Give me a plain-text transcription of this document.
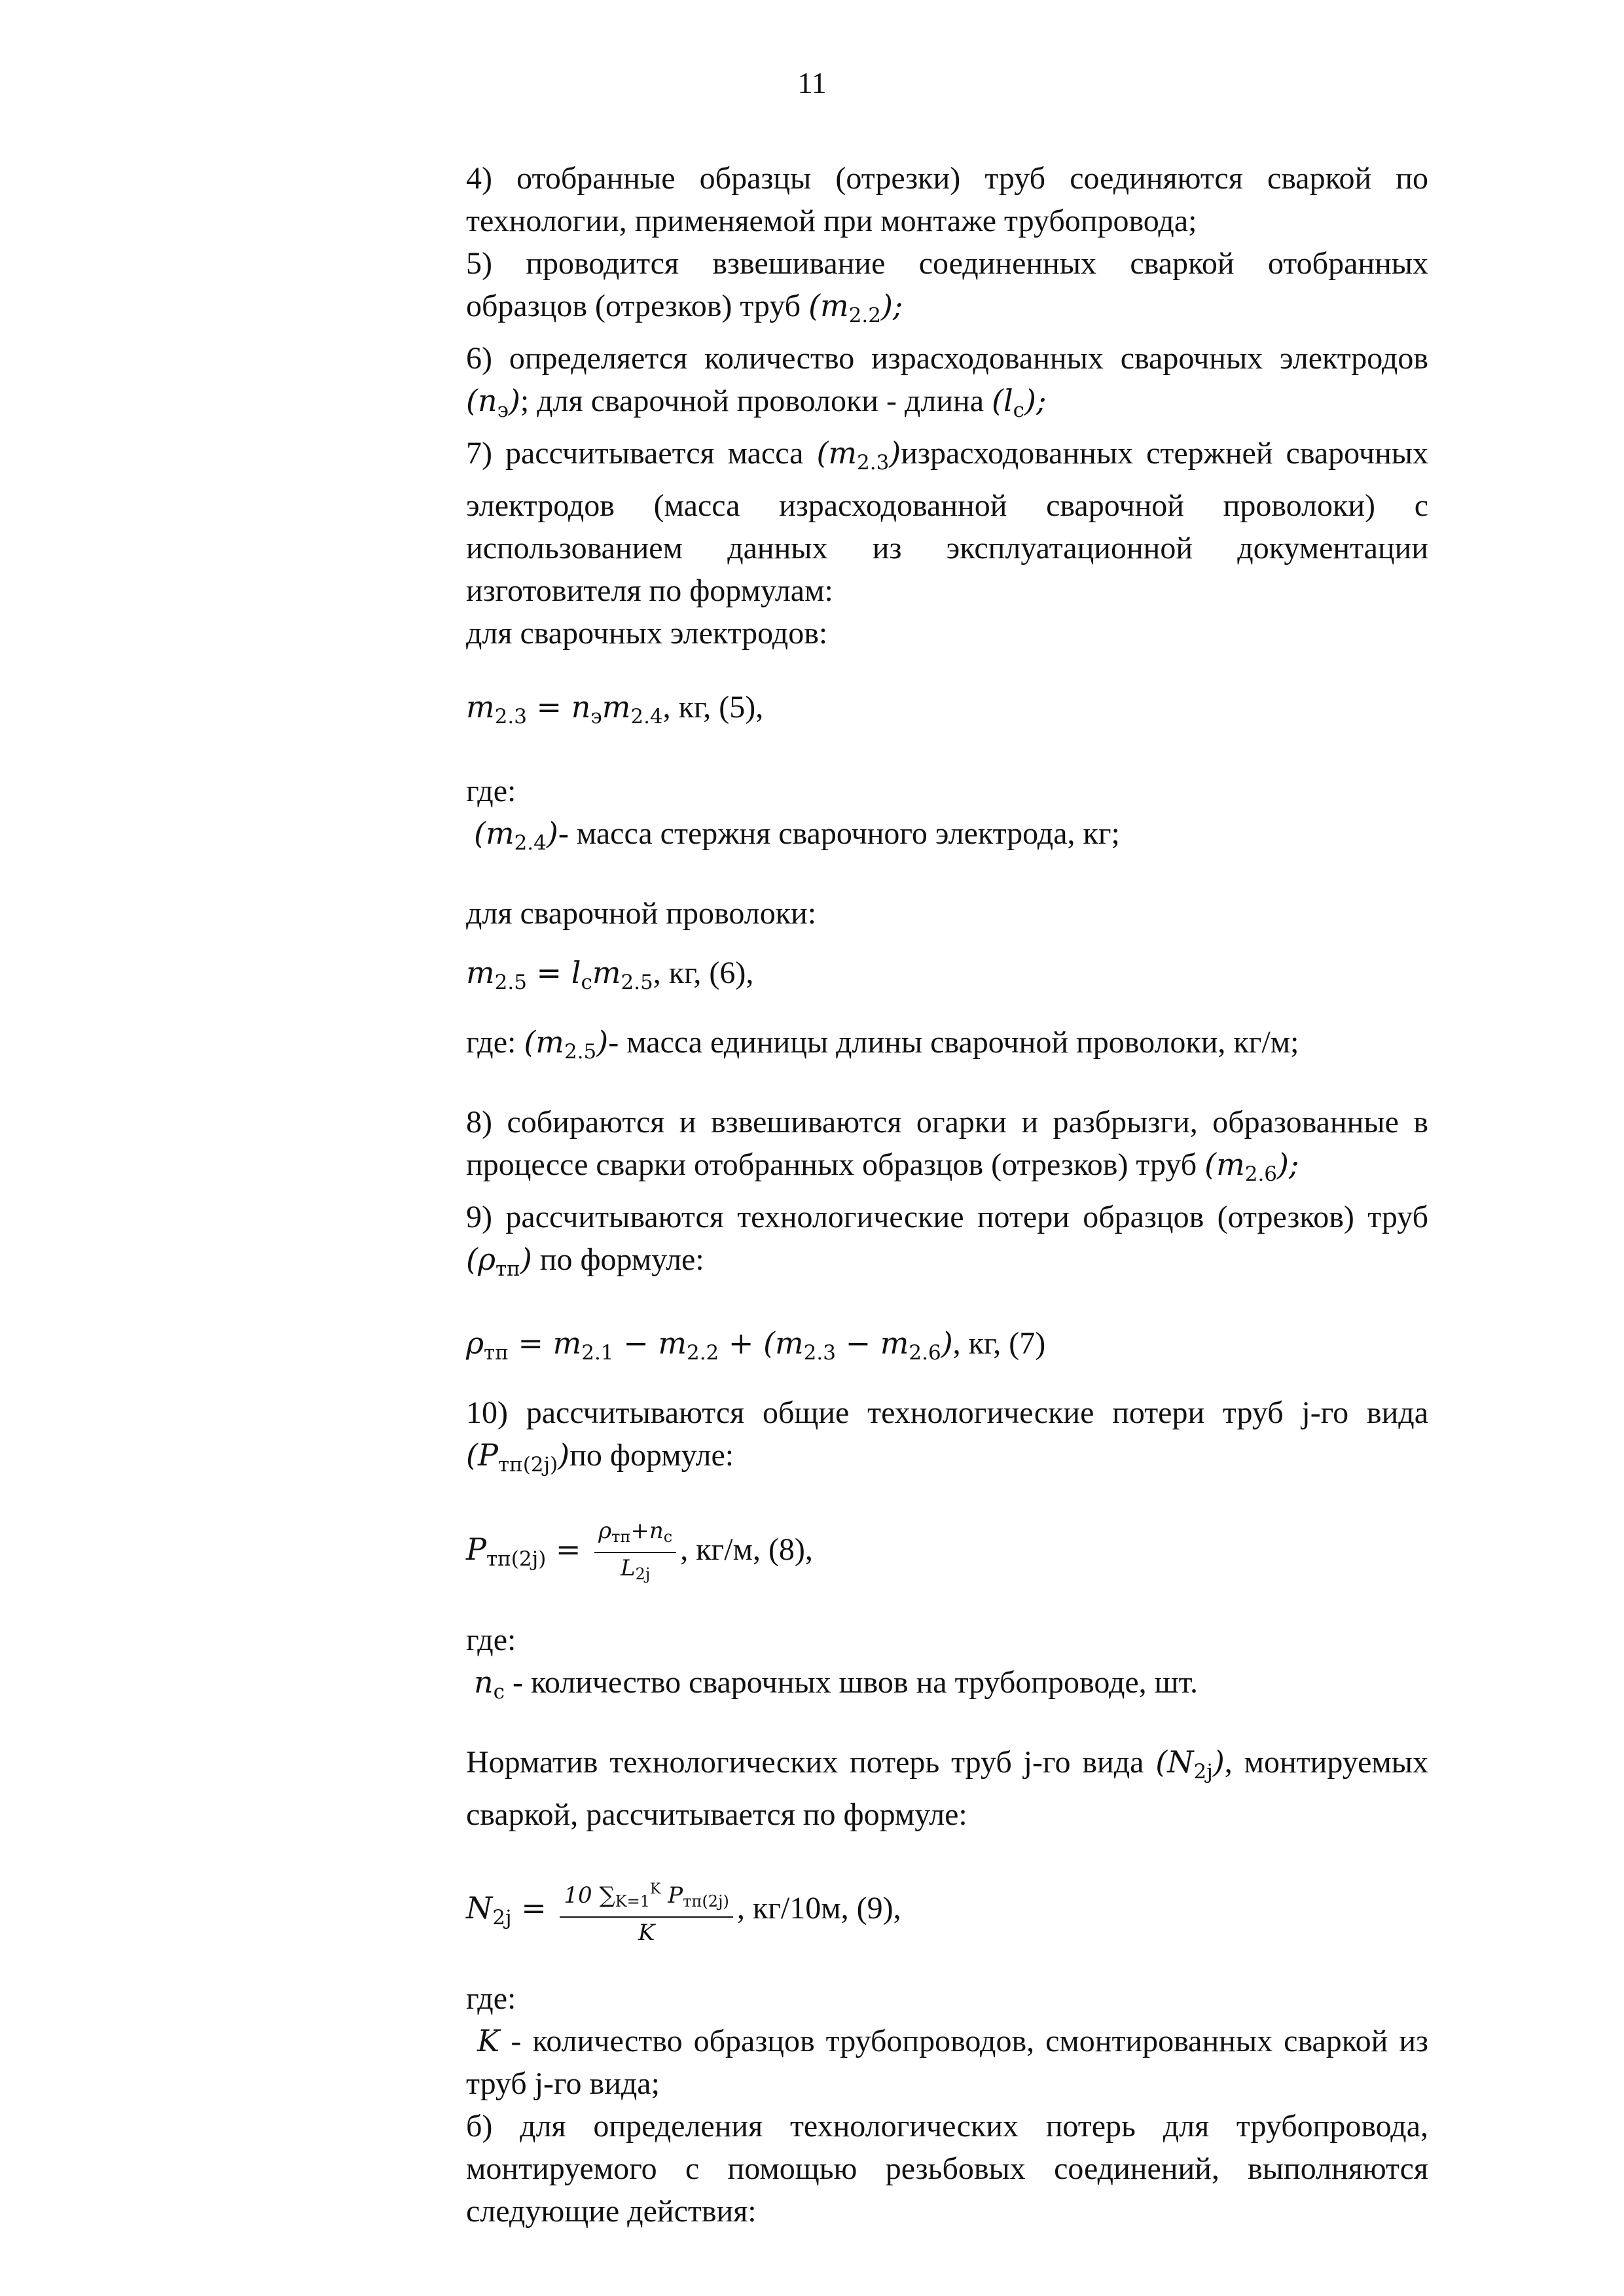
11

4) отобранные образцы (отрезки) труб соединяются сваркой по технологии, применяемой при монтаже трубопровода;

5) проводится взвешивание соединенных сваркой отобранных образцов (отрезков) труб $(m_{2.2})$;

6) определяется количество израсходованных сварочных электродов $(n_э)$; для сварочной проволоки - длина $(l_c)$;

7) рассчитывается масса $(m_{2.3})израсходованных$ стержней сварочных электродов (масса израсходованной сварочной проволоки) с использованием данных из эксплуатационной документации изготовителя по формулам:

для сварочных электродов:

$m_{2.3} = n_эm_{2.4}$, кг, (5),

где:

$(m_{2.4})-$ масса стержня сварочного электрода, кг;

для сварочной проволоки:

$m_{2.5} = l_cm_{2.5}$, кг, (6),

где: $(m_{2.5})-$ масса единицы длины сварочной проволоки, кг/м;

8) собираются и взвешиваются огарки и разбрызги, образованные в процессе сварки отобранных образцов (отрезков) труб $(m_{2.6})$;

9) рассчитываются технологические потери образцов (отрезков) труб $(\rho_{тп})$ по формуле:

$\rho_{тп} = m_{2.1} - m_{2.2} + (m_{2.3} - m_{2.6})$, кг, (7)

10) рассчитываются общие технологические потери труб j-го вида $(P_{тп(2j)})по$ формуле:

$P_{тп(2j)} = \frac{\rho_{тп}+n_c}{L_{2j}}$ , кг/м, (8),

где:

$n_c$ - количество сварочных швов на трубопроводе, шт.

Норматив технологических потерь труб j-го вида $(N_{2j})$, монтируемых сваркой, рассчитывается по формуле:

$N_{2j} = \frac{10 \sum_{K=1}^K P_{тп(2j)}}{K}$ , кг/10м, (9),

где:

K - количество образцов трубопроводов, смонтированных сваркой из труб j-го вида;

б) для определения технологических потерь для трубопровода, монтируемого с помощью резьбовых соединений, выполняются следующие действия:
